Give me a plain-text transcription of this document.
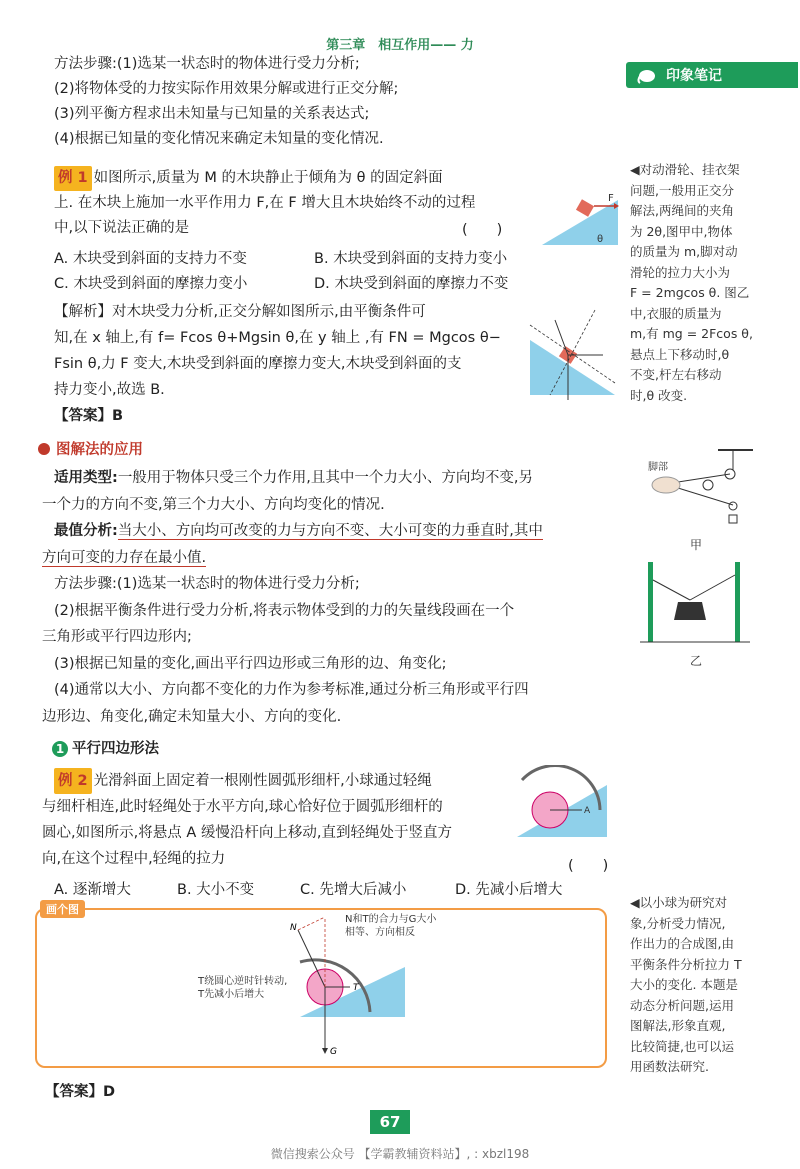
第三章　相互作用—— 力
印象笔记
方法步骤:(1)选某一状态时的物体进行受力分析;
(2)将物体受的力按实际作用效果分解或进行正交分解;
(3)列平衡方程求出未知量与已知量的关系表达式;
(4)根据已知量的变化情况来确定未知量的变化情况.
例 1 如图所示,质量为 M 的木块静止于倾角为 θ 的固定斜面
上. 在木块上施加一水平作用力 F,在 F 增大且木块始终不动的过程
中,以下说法正确的是	(　　)
F
θ
A. 木块受到斜面的支持力不变	B. 木块受到斜面的支持力变小
C. 木块受到斜面的摩擦力变小	D. 木块受到斜面的摩擦力不变
【解析】对木块受力分析,正交分解如图所示,由平衡条件可
知,在 x 轴上,有 f= Fcos θ+Mgsin θ,在 y 轴上 ,有 FN = Mgcos θ−
Fsin θ,力 F 变大,木块受到斜面的摩擦力变大,木块受到斜面的支
持力变小,故选 B.
【答案】B
图解法的应用
适用类型:一般用于物体只受三个力作用,且其中一个力大小、方向均不变,另
一个力的方向不变,第三个力大小、方向均变化的情况.
最值分析:当大小、方向均可改变的力与方向不变、大小可变的力垂直时,其中
方向可变的力存在最小值.
方法步骤:(1)选某一状态时的物体进行受力分析;
(2)根据平衡条件进行受力分析,将表示物体受到的力的矢量线段画在一个
三角形或平行四边形内;
(3)根据已知量的变化,画出平行四边形或三角形的边、角变化;
(4)通常以大小、方向都不变化的力作为参考标准,通过分析三角形或平行四
边形边、角变化,确定未知量大小、方向的变化.
1 平行四边形法
例 2 光滑斜面上固定着一根刚性圆弧形细杆,小球通过轻绳
与细杆相连,此时轻绳处于水平方向,球心恰好位于圆弧形细杆的
圆心,如图所示,将悬点 A 缓慢沿杆向上移动,直到轻绳处于竖直方
向,在这个过程中,轻绳的拉力	(　　)
A
A. 逐渐增大	B. 大小不变	C. 先增大后减小	D. 先减小后增大
画个图
N
T
G
N和T的合力与G大小
相等、方向相反
T绕圆心逆时针转动,
T先减小后增大
【答案】D
◀对动滑轮、挂衣架
问题,一般用正交分
解法,两绳间的夹角
为 2θ,图甲中,物体
的质量为 m,脚对动
滑轮的拉力大小为
F = 2mgcos θ. 图乙
中,衣服的质量为
m,有 mg = 2Fcos θ,
悬点上下移动时,θ
不变,杆左右移动
时,θ 改变.
脚部
甲
乙
◀以小球为研究对
象,分析受力情况,
作出力的合成图,由
平衡条件分析拉力 T
大小的变化. 本题是
动态分析问题,运用
图解法,形象直观,
比较简捷,也可以运
用函数法研究.
67
微信搜索公众号 【学霸教辅资料站】, : xbzl198
